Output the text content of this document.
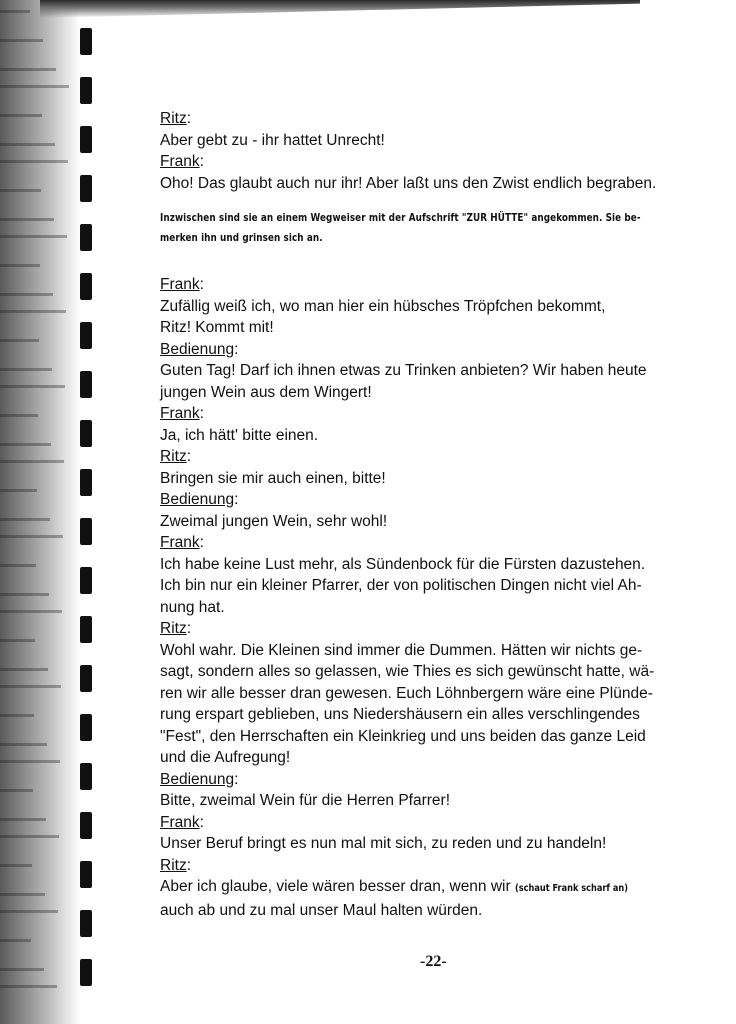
Ritz:
Aber gebt zu - ihr hattet Unrecht!
Frank:
Oho! Das glaubt auch nur ihr! Aber laßt uns den Zwist endlich begraben.
Inzwischen sind sie an einem Wegweiser mit der Aufschrift "ZUR HÜTTE" angekommen. Sie be-
merken ihn und grinsen sich an.
Frank:
Zufällig weiß ich, wo man hier ein hübsches Tröpfchen bekommt,
Ritz! Kommt mit!
Bedienung:
Guten Tag! Darf ich ihnen etwas zu Trinken anbieten? Wir haben heute
jungen Wein aus dem Wingert!
Frank:
Ja, ich hätt' bitte einen.
Ritz:
Bringen sie mir auch einen, bitte!
Bedienung:
Zweimal jungen Wein, sehr wohl!
Frank:
Ich habe keine Lust mehr, als Sündenbock für die Fürsten dazustehen.
Ich bin nur ein kleiner Pfarrer, der von politischen Dingen nicht viel Ah-
nung hat.
Ritz:
Wohl wahr. Die Kleinen sind immer die Dummen. Hätten wir nichts ge-
sagt, sondern alles so gelassen, wie Thies es sich gewünscht hatte, wä-
ren wir alle besser dran gewesen. Euch Löhnbergern wäre eine Plünde-
rung erspart geblieben, uns Niedershäusern ein alles verschlingendes
"Fest", den Herrschaften ein Kleinkrieg und uns beiden das ganze Leid
und die Aufregung!
Bedienung:
Bitte, zweimal Wein für die Herren Pfarrer!
Frank:
Unser Beruf bringt es nun mal mit sich, zu reden und zu handeln!
Ritz:
Aber ich glaube, viele wären besser dran, wenn wir (schaut Frank scharf an)
auch ab und zu mal unser Maul halten würden.
-22-
